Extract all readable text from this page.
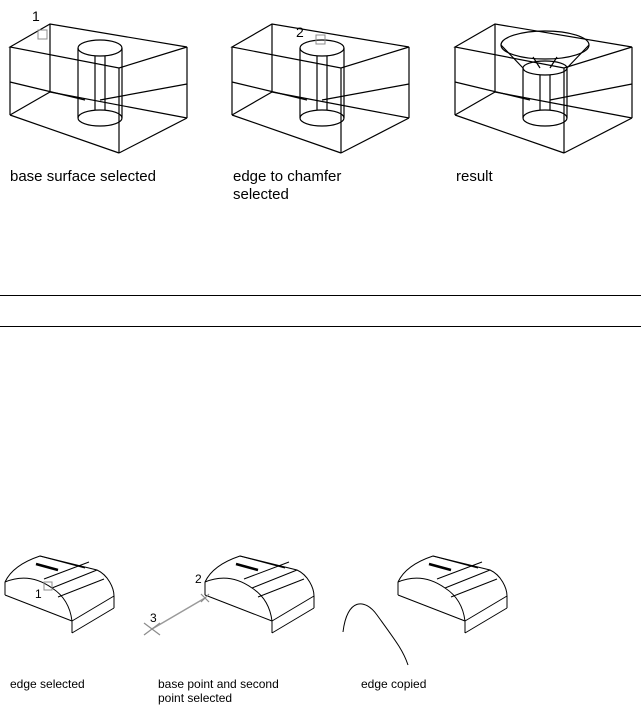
1
2
base surface selected	edge to chamfer
selected
result
1
2
3
edge selected	base point and second
point selected
edge copied
